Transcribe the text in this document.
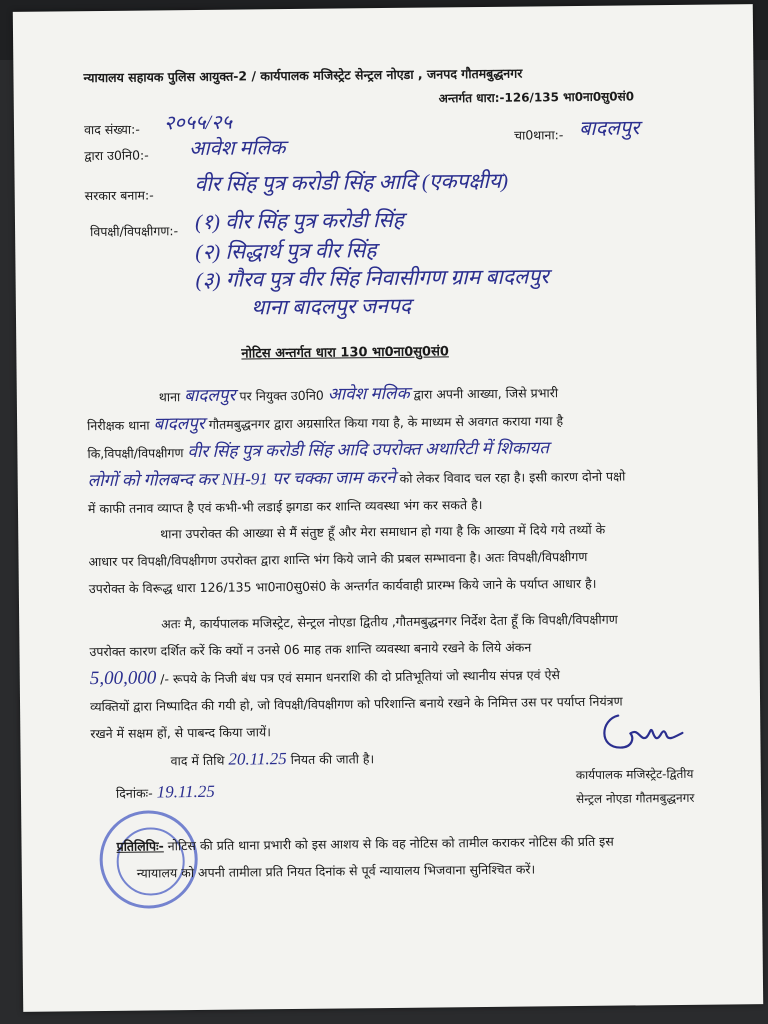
न्यायालय सहायक पुलिस आयुक्त-2 / कार्यपालक मजिस्ट्रेट सेन्ट्रल नोएडा , जनपद गौतमबुद्धनगर
अन्तर्गत धारा:-126/135 भा0ना0सु0सं0
वाद संख्या:- २०५५/२५
द्वारा उ0नि0:- आवेश मलिक
चा0थाना:- बादलपुर
सरकार बनाम:- वीर सिंह पुत्र करोडी सिंह आदि (एकपक्षीय)
विपक्षी/विपक्षीगण:- (१) वीर सिंह पुत्र करोडी सिंह
(२) सिद्धार्थ पुत्र वीर सिंह
(३) गौरव पुत्र वीर सिंह निवासीगण ग्राम बादलपुर
थाना बादलपुर जनपद
नोटिस अन्तर्गत धारा 130 भा0ना0सु0सं0
थाना बादलपुर पर नियुक्त उ0नि0 आवेश मलिक द्वारा अपनी आख्या, जिसे प्रभारी
निरीक्षक थाना बादलपुर गौतमबुद्धनगर द्वारा अग्रसारित किया गया है, के माध्यम से अवगत कराया गया है
कि,विपक्षी/विपक्षीगण वीर सिंह पुत्र करोडी सिंह आदि उपरोक्त अथारिटी में शिकायत
लोगों को गोलबन्द कर NH-91 पर चक्का जाम करने को लेकर विवाद चल रहा है। इसी कारण दोनो पक्षो
में काफी तनाव व्याप्त है एवं कभी-भी लडाई झगडा कर शान्ति व्यवस्था भंग कर सकते है।
थाना उपरोक्त की आख्या से मैं संतुष्ट हूँ और मेरा समाधान हो गया है कि आख्या में दिये गये तथ्यों के
आधार पर विपक्षी/विपक्षीगण उपरोक्त द्वारा शान्ति भंग किये जाने की प्रबल सम्भावना है। अतः विपक्षी/विपक्षीगण
उपरोक्त के विरूद्ध धारा 126/135 भा0ना0सु0सं0 के अन्तर्गत कार्यवाही प्रारम्भ किये जाने के पर्याप्त आधार है।
अतः मै, कार्यपालक मजिस्ट्रेट, सेन्ट्रल नोएडा द्वितीय ,गौतमबुद्धनगर निर्देश देता हूँ कि विपक्षी/विपक्षीगण
उपरोक्त कारण दर्शित करें कि क्यों न उनसे 06 माह तक शान्ति व्यवस्था बनाये रखने के लिये अंकन
5,00,000 /- रूपये के निजी बंध पत्र एवं समान धनराशि की दो प्रतिभूतियां जो स्थानीय संपन्न एवं ऐसे
व्यक्तियों द्वारा निष्पादित की गयी हो, जो विपक्षी/विपक्षीगण को परिशान्ति बनाये रखने के निमित्त उस पर पर्याप्त नियंत्रण
रखने में सक्षम हों, से पाबन्द किया जायें।
वाद में तिथि 20.11.25 नियत की जाती है।
दिनांकः- 19.11.25
कार्यपालक मजिस्ट्रेट-द्वितीय
सेन्ट्रल नोएडा गौतमबुद्धनगर
प्रतिलिपिः- नोटिस की प्रति थाना प्रभारी को इस आशय से कि वह नोटिस को तामील कराकर नोटिस की प्रति इस
न्यायालय को अपनी तामीला प्रति नियत दिनांक से पूर्व न्यायालय भिजवाना सुनिश्चित करें।
